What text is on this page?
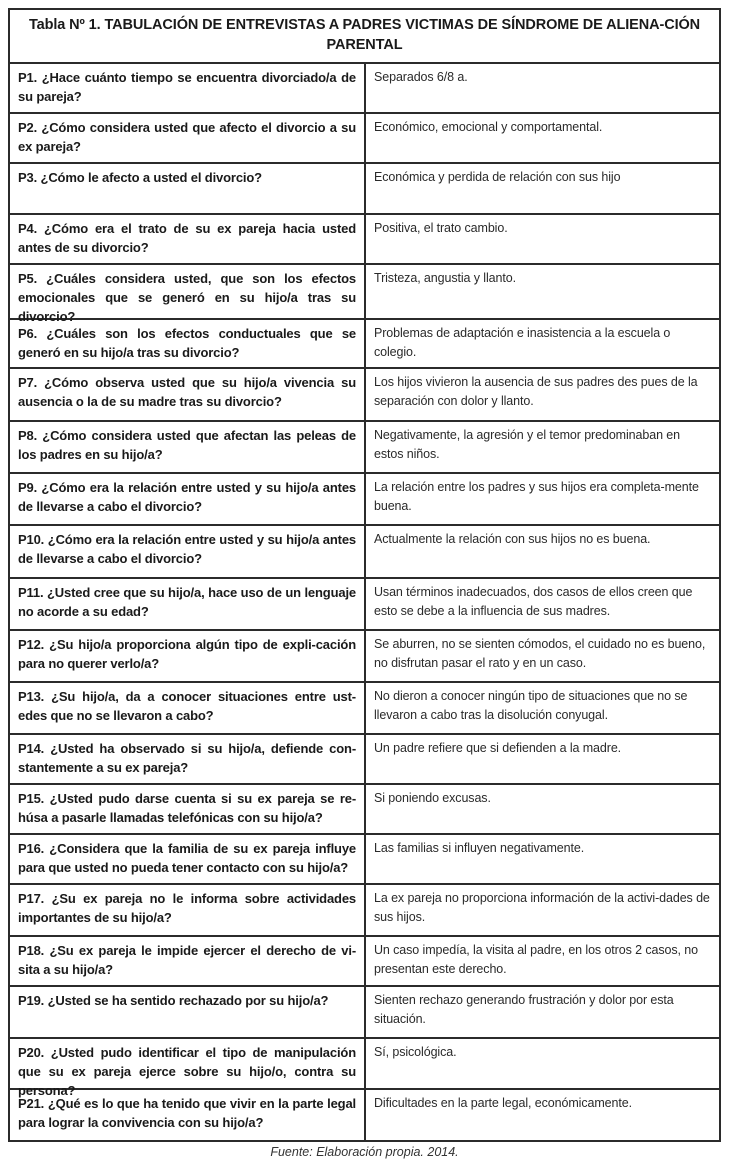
Tabla Nº 1. TABULACIÓN DE ENTREVISTAS A PADRES VICTIMAS DE SÍNDROME DE ALIENA-CIÓN PARENTAL
P1. ¿Hace cuánto tiempo se encuentra divorciado/a de su pareja?
Separados 6/8 a.
P2. ¿Cómo considera usted que afecto el divorcio a su ex pareja?
Económico, emocional y comportamental.
P3. ¿Cómo le afecto a usted el divorcio?	Económica y perdida de relación con sus hijo
P4. ¿Cómo era el trato de su ex pareja hacia usted antes de su divorcio?
Positiva, el trato cambio.
P5. ¿Cuáles considera usted, que son los efectos emocionales que se generó en su hijo/a tras su divorcio?
Tristeza, angustia y llanto.
P6. ¿Cuáles son los efectos conductuales que se generó en su hijo/a tras su divorcio?
Problemas de adaptación e inasistencia a la escuela o colegio.
P7. ¿Cómo observa usted que su hijo/a vivencia su ausencia o la de su madre tras su divorcio?
Los hijos vivieron la ausencia de sus padres des pues de la separación con dolor y llanto.
P8. ¿Cómo considera usted que afectan las peleas de los padres en su hijo/a?
Negativamente, la agresión y el temor predominaban en estos niños.
P9. ¿Cómo era la relación entre usted y su hijo/a antes de llevarse a cabo el divorcio?
La relación entre los padres y sus hijos era completa-mente buena.
P10. ¿Cómo era la relación entre usted y su hijo/a antes de llevarse a cabo el divorcio?
Actualmente la relación con sus hijos no es buena.
P11. ¿Usted cree que su hijo/a, hace uso de un lenguaje no acorde a su edad?
Usan términos inadecuados, dos casos de ellos creen que esto se debe a la influencia de sus madres.
P12. ¿Su hijo/a proporciona algún tipo de expli-cación para no querer verlo/a?
Se aburren, no se sienten cómodos, el cuidado no es bueno, no disfrutan pasar el rato y en un caso.
P13. ¿Su hijo/a, da a conocer situaciones entre ust-edes que no se llevaron a cabo?
No dieron a conocer ningún tipo de situaciones que no se llevaron a cabo tras la disolución conyugal.
P14. ¿Usted ha observado si su hijo/a, defiende con-stantemente a su ex pareja?
Un padre refiere que si defienden a la madre.
P15. ¿Usted pudo darse cuenta si su ex pareja se re-húsa a pasarle llamadas telefónicas con su hijo/a?
Si poniendo excusas.
P16. ¿Considera que la familia de su ex pareja influye para que usted no pueda tener contacto con su hijo/a?
Las familias si influyen negativamente.
P17. ¿Su ex pareja no le informa sobre actividades importantes de su hijo/a?
La ex pareja no proporciona información de la activi-dades de sus hijos.
P18. ¿Su ex pareja le impide ejercer el derecho de vi-sita a su hijo/a?
Un caso impedía, la visita al padre, en los otros 2 casos, no presentan este derecho.
P19. ¿Usted se ha sentido rechazado por su hijo/a?	Sienten rechazo generando frustración y dolor por esta situación.
P20. ¿Usted pudo identificar el tipo de manipulación que su ex pareja ejerce sobre su hijo/o, contra su persona?
Sí, psicológica.
P21. ¿Qué es lo que ha tenido que vivir en la parte legal para lograr la convivencia con su hijo/a?
Dificultades en la parte legal, económicamente.
Fuente: Elaboración propia. 2014.
